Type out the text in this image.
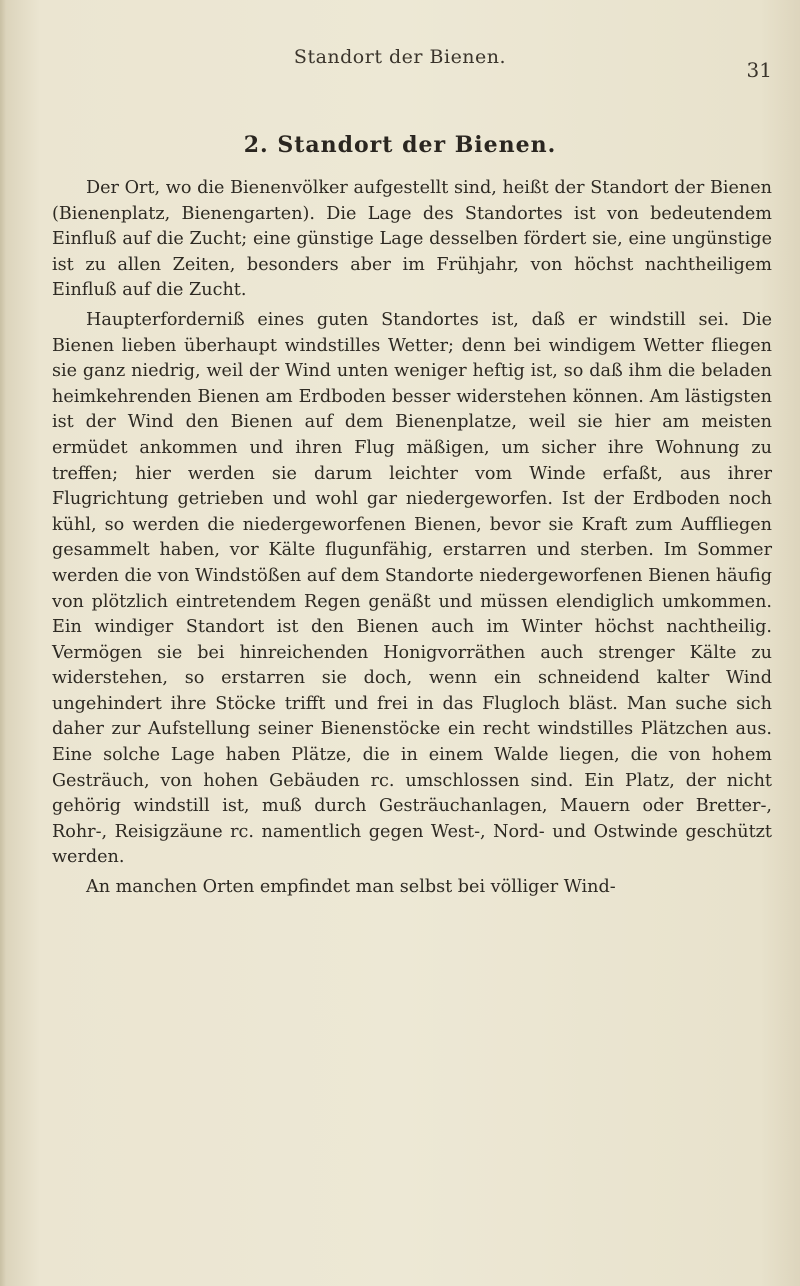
Standort der Bienen.
31
2. Standort der Bienen.

Der Ort, wo die Bienenvölker aufgestellt sind, heißt der Standort der Bienen (Bienenplatz, Bienengarten). Die Lage des Standortes ist von bedeutendem Einfluß auf die Zucht; eine günstige Lage desselben fördert sie, eine ungünstige ist zu allen Zeiten, besonders aber im Frühjahr, von höchst nachtheiligem Einfluß auf die Zucht.

Haupterforderniß eines guten Standortes ist, daß er windstill sei. Die Bienen lieben überhaupt windstilles Wetter; denn bei windigem Wetter fliegen sie ganz niedrig, weil der Wind unten weniger heftig ist, so daß ihm die beladen heimkehrenden Bienen am Erdboden besser widerstehen können. Am lästigsten ist der Wind den Bienen auf dem Bienenplatze, weil sie hier am meisten ermüdet ankommen und ihren Flug mäßigen, um sicher ihre Wohnung zu treffen; hier werden sie darum leichter vom Winde erfaßt, aus ihrer Flugrichtung getrieben und wohl gar niedergeworfen. Ist der Erdboden noch kühl, so werden die niedergeworfenen Bienen, bevor sie Kraft zum Auffliegen gesammelt haben, vor Kälte flugunfähig, erstarren und sterben. Im Sommer werden die von Windstößen auf dem Standorte niedergeworfenen Bienen häufig von plötzlich eintretendem Regen genäßt und müssen elendiglich umkommen. Ein windiger Standort ist den Bienen auch im Winter höchst nachtheilig. Vermögen sie bei hinreichenden Honigvorräthen auch strenger Kälte zu widerstehen, so erstarren sie doch, wenn ein schneidend kalter Wind ungehindert ihre Stöcke trifft und frei in das Flugloch bläst. Man suche sich daher zur Aufstellung seiner Bienenstöcke ein recht windstilles Plätzchen aus. Eine solche Lage haben Plätze, die in einem Walde liegen, die von hohem Gesträuch, von hohen Gebäuden rc. umschlossen sind. Ein Platz, der nicht gehörig windstill ist, muß durch Gesträuchanlagen, Mauern oder Bretter-, Rohr-, Reisigzäune rc. namentlich gegen West-, Nord- und Ostwinde geschützt werden.

An manchen Orten empfindet man selbst bei völliger Wind-
